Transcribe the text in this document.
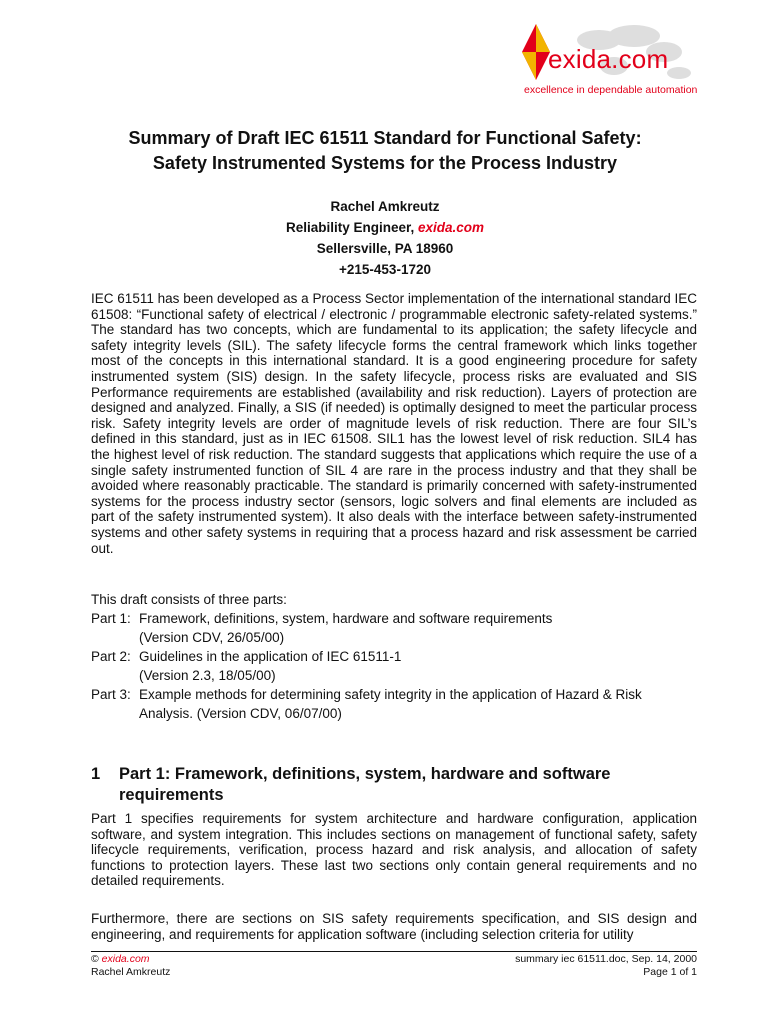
exida.com
excellence in dependable automation
Summary of Draft IEC 61511 Standard for Functional Safety:
Safety Instrumented Systems for the Process Industry
Rachel Amkreutz
Reliability Engineer, exida.com
Sellersville, PA 18960
+215-453-1720
IEC 61511 has been developed as a Process Sector implementation of the international standard IEC 61508: “Functional safety of electrical / electronic / programmable electronic safety-related systems.” The standard has two concepts, which are fundamental to its application; the safety lifecycle and safety integrity levels (SIL). The safety lifecycle forms the central framework which links together most of the concepts in this international standard. It is a good engineering procedure for safety instrumented system (SIS) design. In the safety lifecycle, process risks are evaluated and SIS Performance requirements are established (availability and risk reduction). Layers of protection are designed and analyzed. Finally, a SIS (if needed) is optimally designed to meet the particular process risk. Safety integrity levels are order of magnitude levels of risk reduction. There are four SIL’s defined in this standard, just as in IEC 61508. SIL1 has the lowest level of risk reduction. SIL4 has the highest level of risk reduction. The standard suggests that applications which require the use of a single safety instrumented function of SIL 4 are rare in the process industry and that they shall be avoided where reasonably practicable. The standard is primarily concerned with safety-instrumented systems for the process industry sector (sensors, logic solvers and final elements are included as part of the safety instrumented system). It also deals with the interface between safety-instrumented systems and other safety systems in requiring that a process hazard and risk assessment be carried out.
This draft consists of three parts:
Part 1: Framework, definitions, system, hardware and software requirements
(Version CDV, 26/05/00)
Part 2: Guidelines in the application of IEC 61511-1
(Version 2.3, 18/05/00)
Part 3: Example methods for determining safety integrity in the application of Hazard & Risk
Analysis. (Version CDV, 06/07/00)
1	Part 1: Framework, definitions, system, hardware and software requirements
Part 1 specifies requirements for system architecture and hardware configuration, application software, and system integration. This includes sections on management of functional safety, safety lifecycle requirements, verification, process hazard and risk analysis, and allocation of safety functions to protection layers. These last two sections only contain general requirements and no detailed requirements.
Furthermore, there are sections on SIS safety requirements specification, and SIS design and engineering, and requirements for application software (including selection criteria for utility
© exida.com	summary iec 61511.doc, Sep. 14, 2000
Rachel Amkreutz	Page 1 of 1
